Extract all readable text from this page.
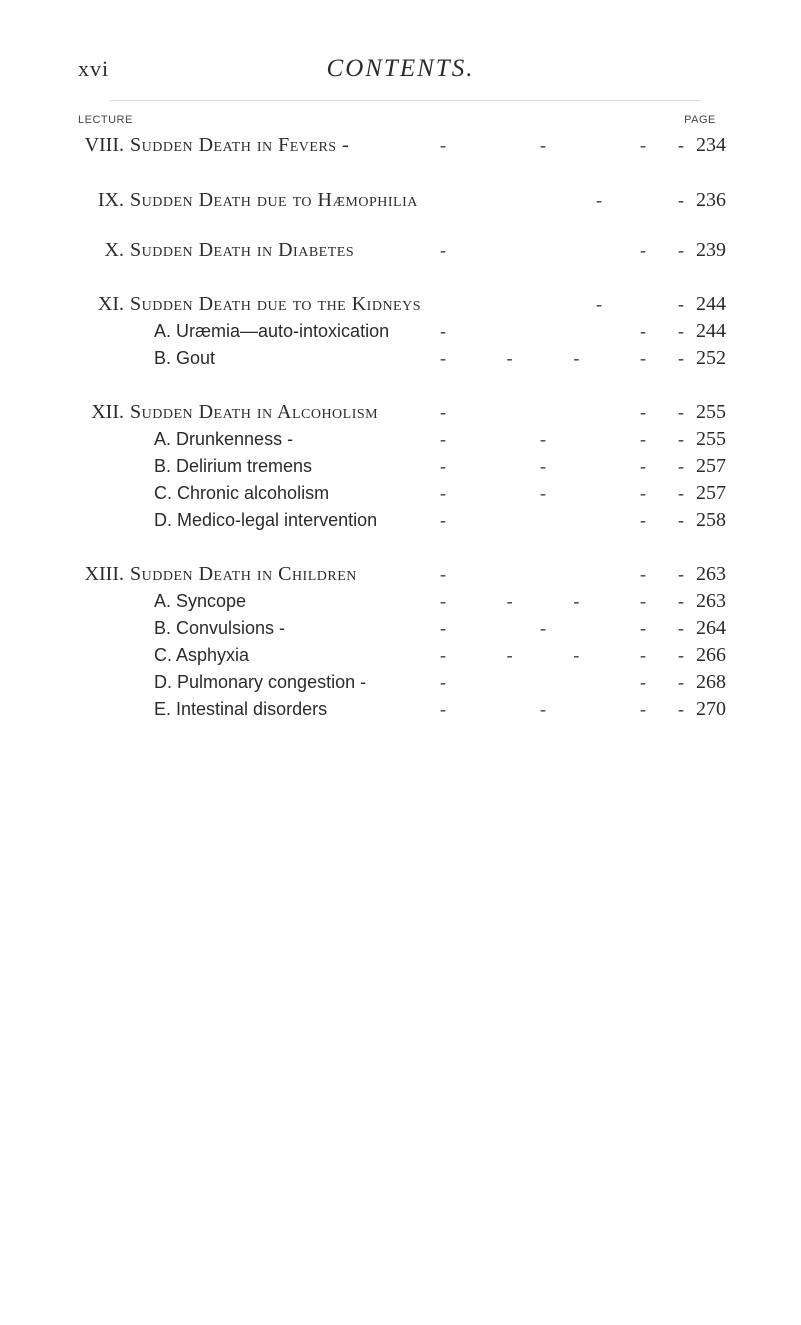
xvi	CONTENTS.
LECTURE	PAGE
VIII. Sudden Death in Fevers -	-	-	- - 234
IX. Sudden Death due to Hæmophilia	-	- 236
X. Sudden Death in Diabetes	-	- - 239
XI. Sudden Death due to the Kidneys	-	- 244
A. Uræmia—auto-intoxication	-	- - 244
B. Gout	-	-	-	- - 252
XII. Sudden Death in Alcoholism	-	- - 255
A. Drunkenness -	-	-	- - 255
B. Delirium tremens	-	-	- - 257
C. Chronic alcoholism	-	-	- - 257
D. Medico-legal intervention	-	- - 258
XIII. Sudden Death in Children	-	- - 263
A. Syncope	-	-	-	- - 263
B. Convulsions -	-	-	- - 264
C. Asphyxia	-	-	-	- - 266
D. Pulmonary congestion -	-	- - 268
E. Intestinal disorders	-	-	- - 270
